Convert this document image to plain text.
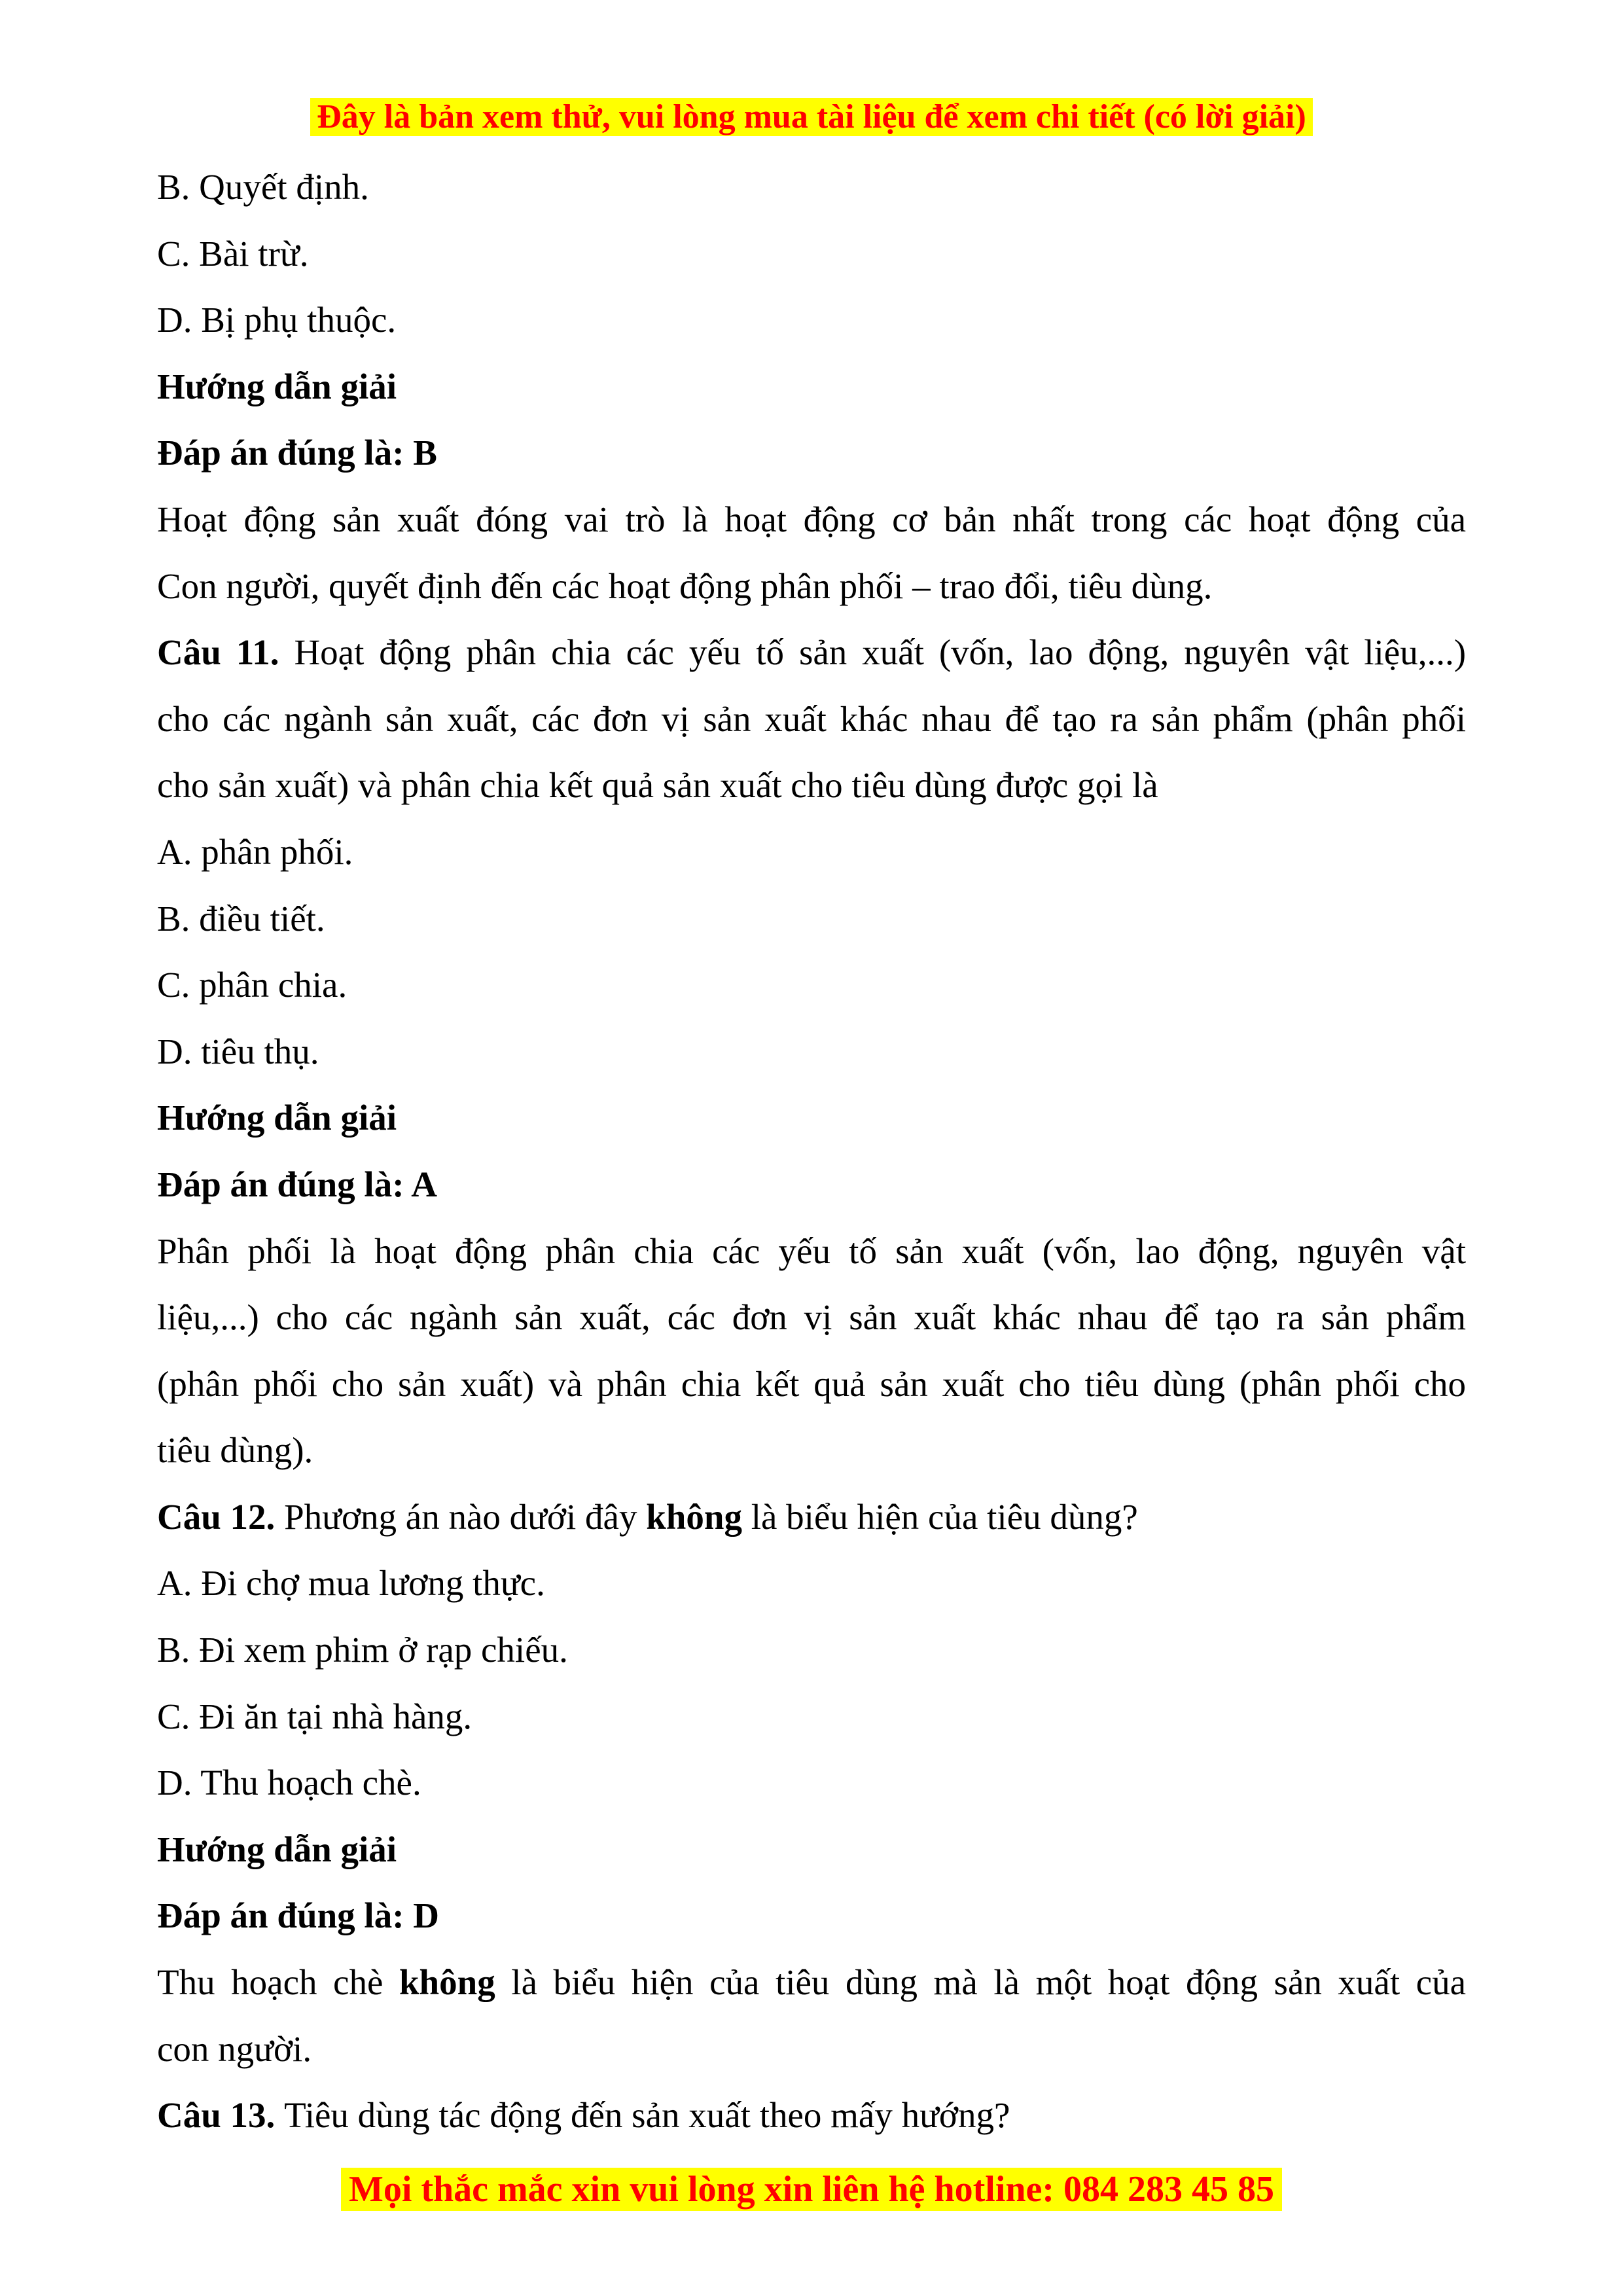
Đây là bản xem thử, vui lòng mua tài liệu để xem chi tiết (có lời giải)
B. Quyết định.
C. Bài trừ.
D. Bị phụ thuộc.
Hướng dẫn giải
Đáp án đúng là: B
Hoạt động sản xuất đóng vai trò là hoạt động cơ bản nhất trong các hoạt động của
Con người, quyết định đến các hoạt động phân phối – trao đổi, tiêu dùng.
Câu 11. Hoạt động phân chia các yếu tố sản xuất (vốn, lao động, nguyên vật liệu,...)
cho các ngành sản xuất, các đơn vị sản xuất khác nhau để tạo ra sản phẩm (phân phối
cho sản xuất) và phân chia kết quả sản xuất cho tiêu dùng được gọi là
A. phân phối.
B. điều tiết.
C. phân chia.
D. tiêu thụ.
Hướng dẫn giải
Đáp án đúng là: A
Phân phối là hoạt động phân chia các yếu tố sản xuất (vốn, lao động, nguyên vật
liệu,...) cho các ngành sản xuất, các đơn vị sản xuất khác nhau để tạo ra sản phẩm
(phân phối cho sản xuất) và phân chia kết quả sản xuất cho tiêu dùng (phân phối cho
tiêu dùng).
Câu 12. Phương án nào dưới đây không là biểu hiện của tiêu dùng?
A. Đi chợ mua lương thực.
B. Đi xem phim ở rạp chiếu.
C. Đi ăn tại nhà hàng.
D. Thu hoạch chè.
Hướng dẫn giải
Đáp án đúng là: D
Thu hoạch chè không là biểu hiện của tiêu dùng mà là một hoạt động sản xuất của
con người.
Câu 13. Tiêu dùng tác động đến sản xuất theo mấy hướng?
Mọi thắc mắc xin vui lòng xin liên hệ hotline: 084 283 45 85
